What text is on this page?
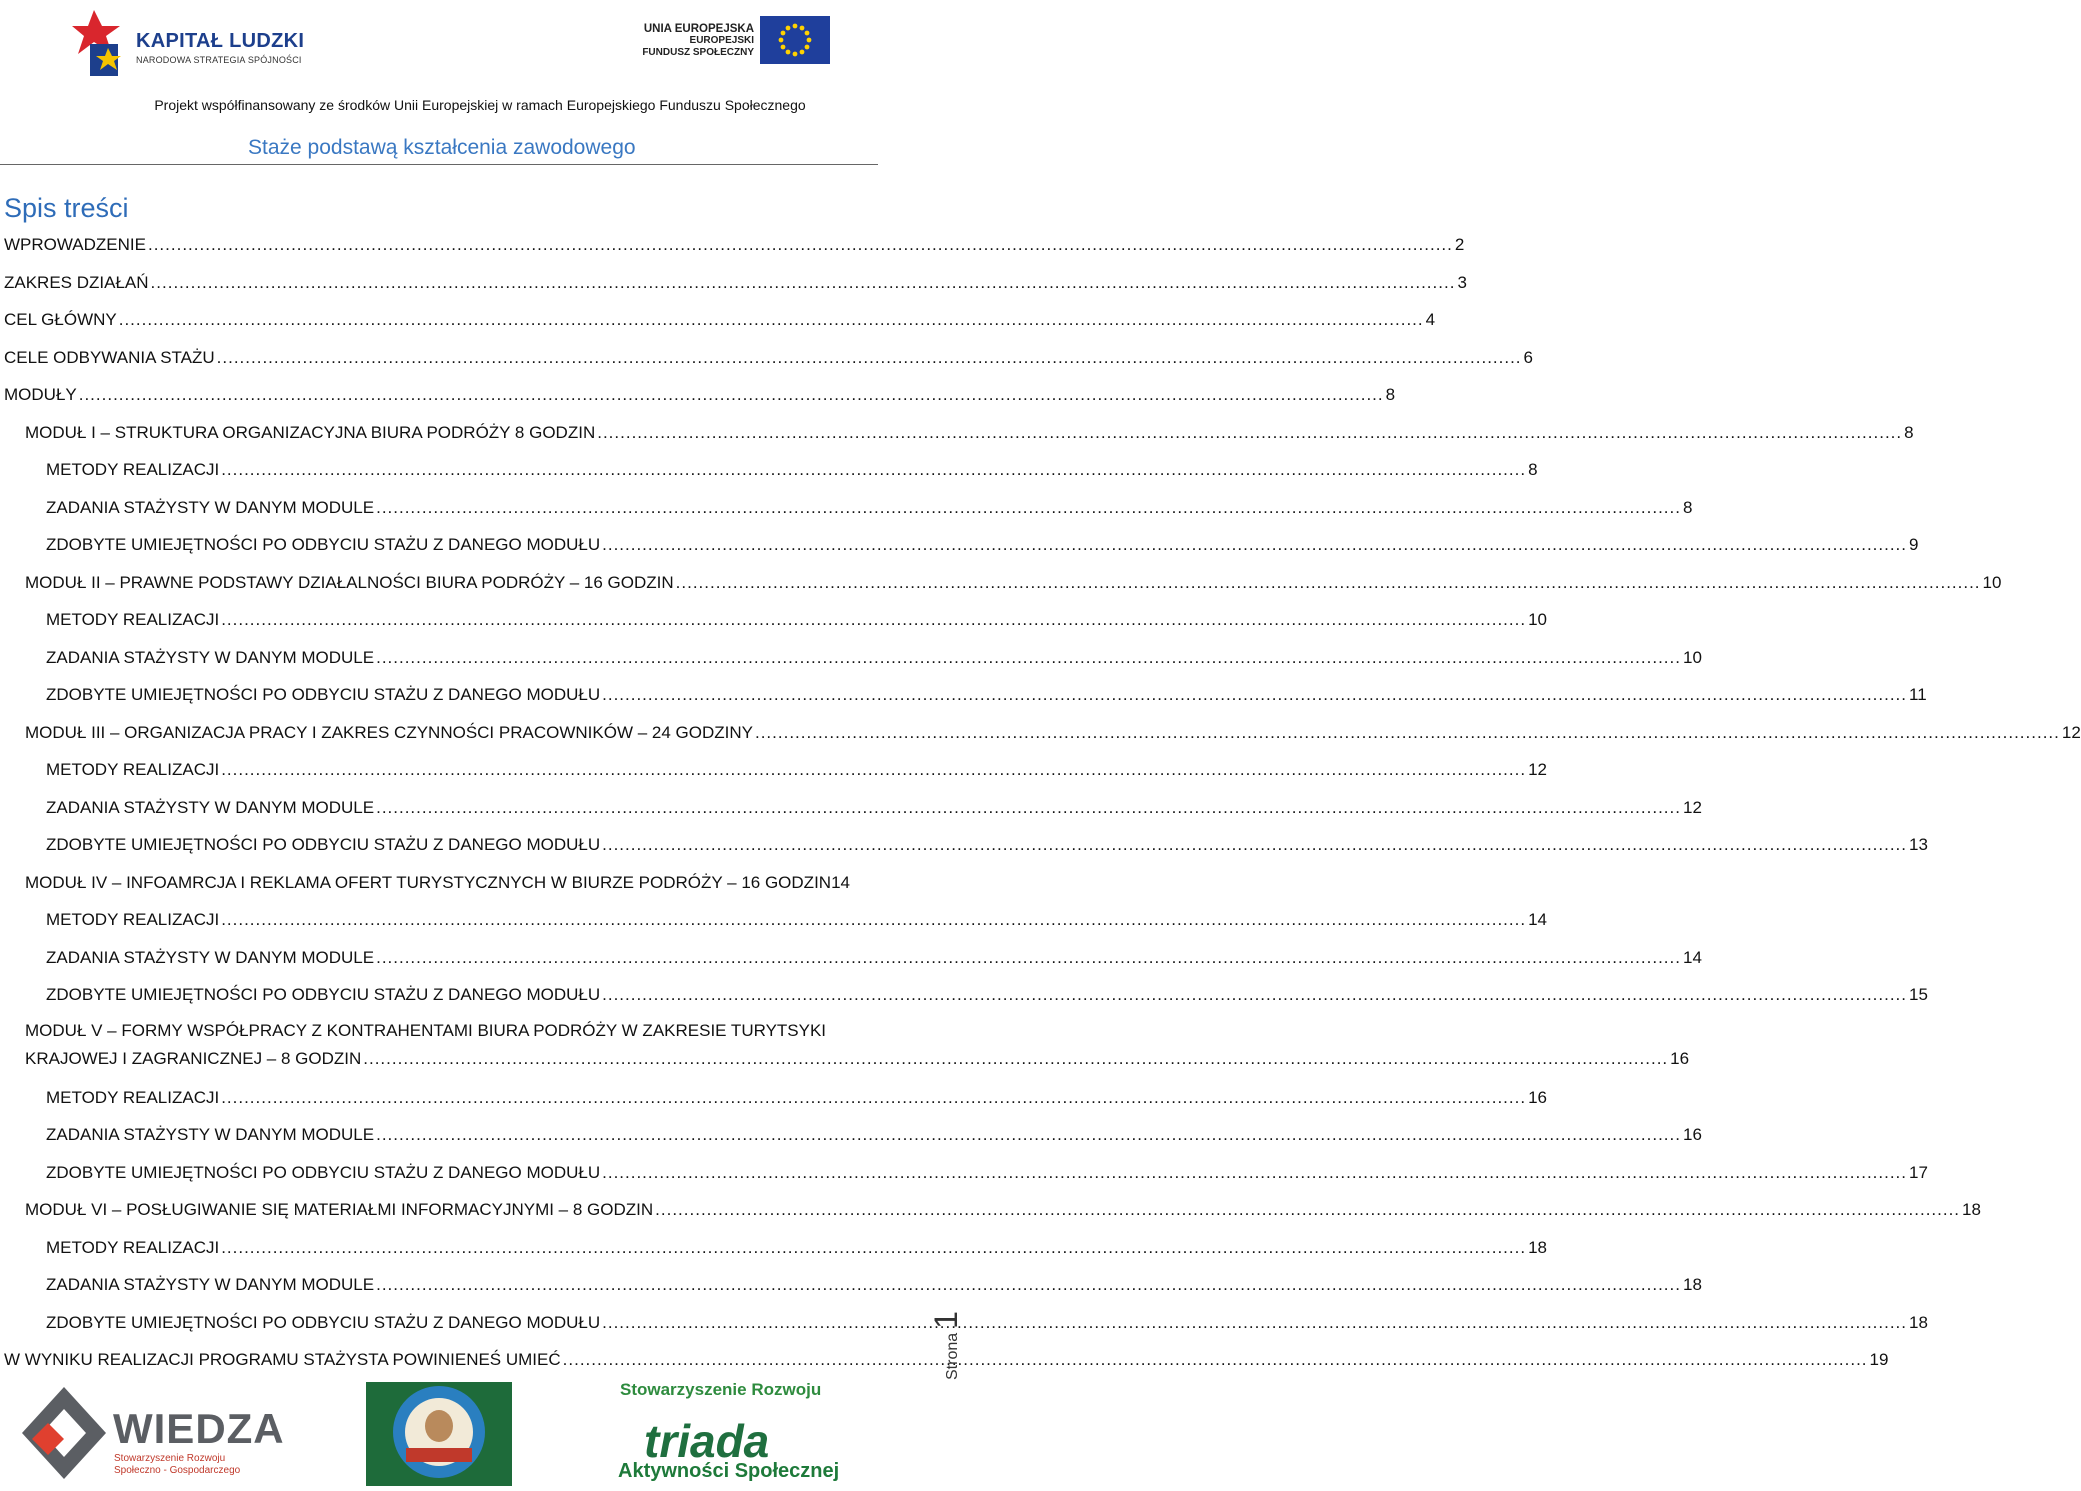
KAPITAŁ LUDZKI
NARODOWA STRATEGIA SPÓJNOŚCI
UNIA EUROPEJSKA
EUROPEJSKI
FUNDUSZ SPOŁECZNY
Projekt współfinansowany ze środków Unii Europejskiej w ramach Europejskiego Funduszu Społecznego
Staże podstawą kształcenia zawodowego
Spis treści
WPROWADZENIE .....	2
ZAKRES DZIAŁAŃ .....	3
CEL GŁÓWNY .....	4
CELE ODBYWANIA STAŻU .....	6
MODUŁY .....	8
MODUŁ I – STRUKTURA ORGANIZACYJNA BIURA PODRÓŻY 8 GODZIN .....	8
METODY REALIZACJI .....	8
ZADANIA STAŻYSTY W DANYM MODULE .....	8
ZDOBYTE UMIEJĘTNOŚCI PO ODBYCIU STAŻU Z DANEGO MODUŁU .....	9
MODUŁ II – PRAWNE PODSTAWY DZIAŁALNOŚCI BIURA PODRÓŻY – 16 GODZIN .....	10
METODY REALIZACJI .....	10
ZADANIA STAŻYSTY W DANYM MODULE .....	10
ZDOBYTE UMIEJĘTNOŚCI PO ODBYCIU STAŻU Z DANEGO MODUŁU .....	11
MODUŁ III – ORGANIZACJA PRACY I ZAKRES CZYNNOŚCI PRACOWNIKÓW – 24 GODZINY .....	12
METODY REALIZACJI .....	12
ZADANIA STAŻYSTY W DANYM MODULE .....	12
ZDOBYTE UMIEJĘTNOŚCI PO ODBYCIU STAŻU Z DANEGO MODUŁU .....	13
MODUŁ IV – INFOAMRCJA I REKLAMA OFERT TURYSTYCZNYCH W BIURZE PODRÓŻY – 16 GODZIN 14
METODY REALIZACJI .....	14
ZADANIA STAŻYSTY W DANYM MODULE .....	14
ZDOBYTE UMIEJĘTNOŚCI PO ODBYCIU STAŻU Z DANEGO MODUŁU .....	15
MODUŁ V – FORMY WSPÓŁPRACY Z KONTRAHENTAMI BIURA PODRÓŻY W ZAKRESIE TURYTSYKI
KRAJOWEJ I ZAGRANICZNEJ – 8 GODZIN .....	16
METODY REALIZACJI .....	16
ZADANIA STAŻYSTY W DANYM MODULE .....	16
ZDOBYTE UMIEJĘTNOŚCI PO ODBYCIU STAŻU Z DANEGO MODUŁU .....	17
MODUŁ VI – POSŁUGIWANIE SIĘ MATERIAŁMI INFORMACYJNYMI – 8 GODZIN .....	18
METODY REALIZACJI .....	18
ZADANIA STAŻYSTY W DANYM MODULE .....	18
ZDOBYTE UMIEJĘTNOŚCI PO ODBYCIU STAŻU Z DANEGO MODUŁU .....	18
W WYNIKU REALIZACJI PROGRAMU STAŻYSTA POWINIENEŚ UMIEĆ .....	19
Strona
1
WIEDZA
Stowarzyszenie Rozwoju
Społeczno - Gospodarczego
Stowarzyszenie Rozwoju
triada
Aktywności Społecznej
